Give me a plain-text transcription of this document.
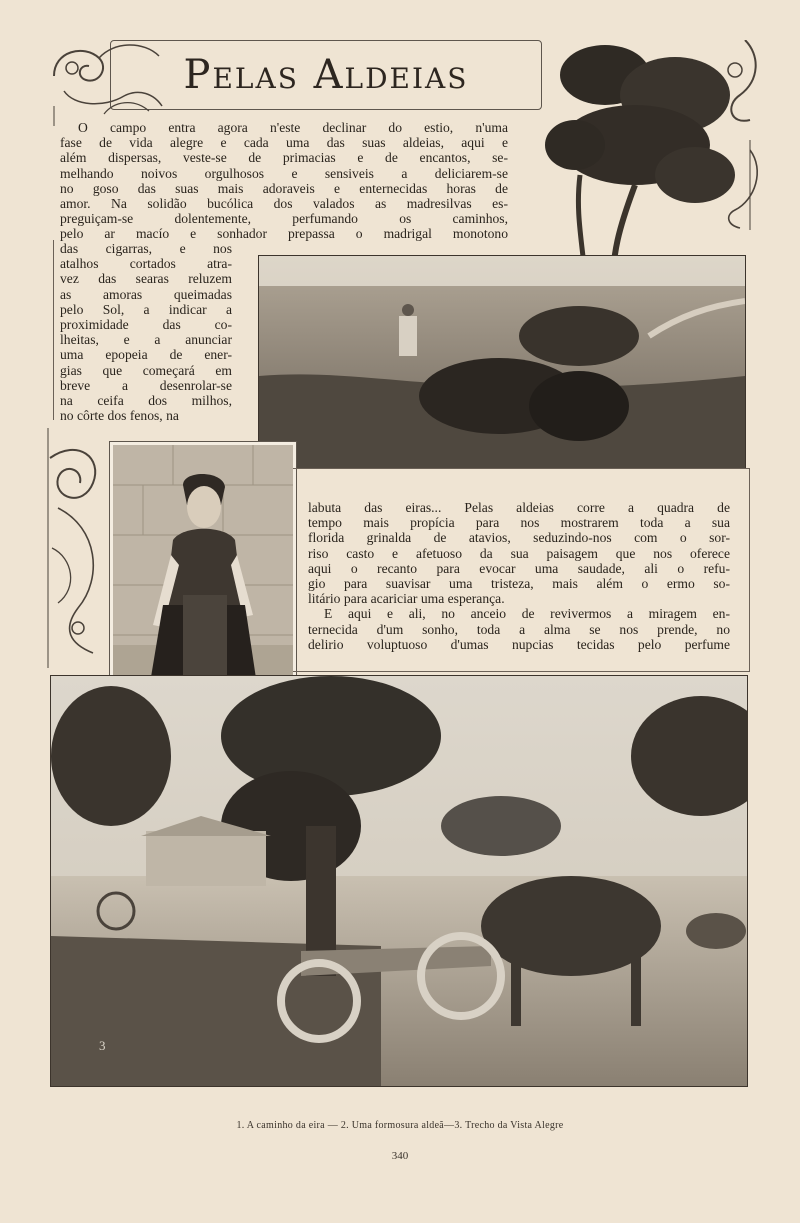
Pelas Aldeias
O campo entra agora n'este declinar do estio, n'uma
fase de vida alegre e cada uma das suas aldeias, aqui e
além dispersas, veste-se de primacias e de encantos, se-
melhando noivos orgulhosos e sensiveis a deliciarem-se
no goso das suas mais adoraveis e enternecidas horas de
amor. Na solidão bucólica dos valados as madresilvas es-
preguiçam-se dolentemente, perfumando os caminhos,
pelo ar macío e sonhador prepassa o madrigal monotono
das cigarras, e nos
atalhos cortados atra-
vez das searas reluzem
as amoras queimadas
pelo Sol, a indicar a
proximidade das co-
lheitas, e a anunciar
uma epopeia de ener-
gias que começará em
breve a desenrolar-se
na ceifa dos milhos,
no côrte dos fenos, na
labuta das eiras... Pelas aldeias corre a quadra de
tempo mais propícia para nos mostrarem toda a sua
florida grinalda de atavios, seduzindo-nos com o sor-
riso casto e afetuoso da sua paisagem que nos oferece
aqui o recanto para evocar uma saudade, ali o refu-
gio para suavisar uma tristeza, mais além o ermo so-
litário para acariciar uma esperança.
E aqui e ali, no anceio de revivermos a miragem en-
ternecida d'um sonho, toda a alma se nos prende, no
delirio voluptuoso d'umas nupcias tecidas pelo perfume
3
1. A caminho da eira — 2. Uma formosura aldeã—3. Trecho da Vista Alegre
340
